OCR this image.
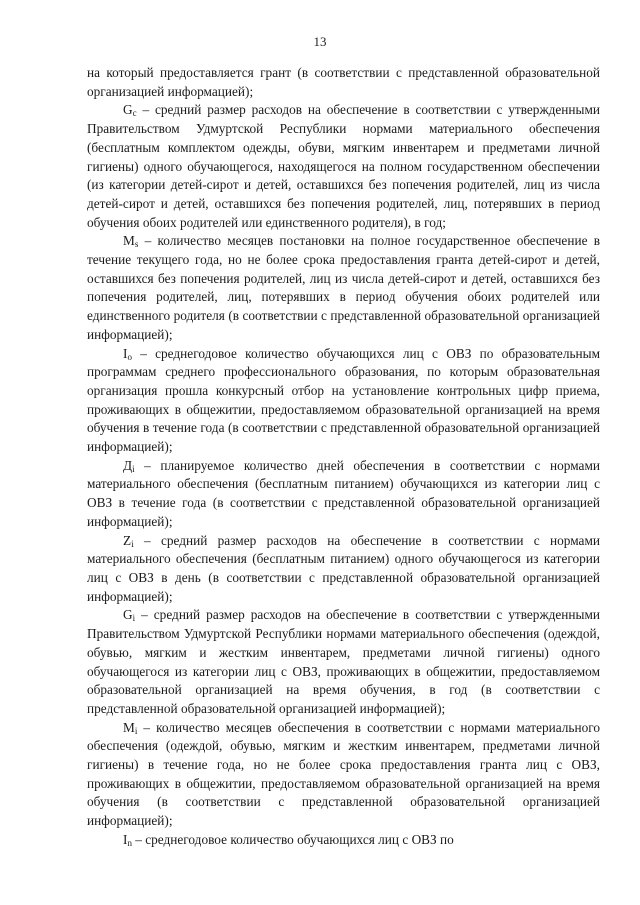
13

на который предоставляется грант (в соответствии с представленной образовательной организацией информацией);

$G_c$ – средний размер расходов на обеспечение в соответствии с утвержденными Правительством Удмуртской Республики нормами материального обеспечения (бесплатным комплектом одежды, обуви, мягким инвентарем и предметами личной гигиены) одного обучающегося, находящегося на полном государственном обеспечении (из категории детей-сирот и детей, оставшихся без попечения родителей, лиц из числа детей-сирот и детей, оставшихся без попечения родителей, лиц, потерявших в период обучения обоих родителей или единственного родителя), в год;

$M_s$ – количество месяцев постановки на полное государственное обеспечение в течение текущего года, но не более срока предоставления гранта детей-сирот и детей, оставшихся без попечения родителей, лиц из числа детей-сирот и детей, оставшихся без попечения родителей, лиц, потерявших в период обучения обоих родителей или единственного родителя (в соответствии с представленной образовательной организацией информацией);

$I_o$ – среднегодовое количество обучающихся лиц с ОВЗ по образовательным программам среднего профессионального образования, по которым образовательная организация прошла конкурсный отбор на установление контрольных цифр приема, проживающих в общежитии, предоставляемом образовательной организацией на время обучения в течение года (в соответствии с представленной образовательной организацией информацией);

$Д_i$ – планируемое количество дней обеспечения в соответствии с нормами материального обеспечения (бесплатным питанием) обучающихся из категории лиц с ОВЗ в течение года (в соответствии с представленной образовательной организацией информацией);

$Z_i$ – средний размер расходов на обеспечение в соответствии с нормами материального обеспечения (бесплатным питанием) одного обучающегося из категории лиц с ОВЗ в день (в соответствии с представленной образовательной организацией информацией);

$G_i$ – средний размер расходов на обеспечение в соответствии с утвержденными Правительством Удмуртской Республики нормами материального обеспечения (одеждой, обувью, мягким и жестким инвентарем, предметами личной гигиены) одного обучающегося из категории лиц с ОВЗ, проживающих в общежитии, предоставляемом образовательной организацией на время обучения, в год (в соответствии с представленной образовательной организацией информацией);

$M_i$ – количество месяцев обеспечения в соответствии с нормами материального обеспечения (одеждой, обувью, мягким и жестким инвентарем, предметами личной гигиены) в течение года, но не более срока предоставления гранта лиц с ОВЗ, проживающих в общежитии, предоставляемом образовательной организацией на время обучения (в соответствии с представленной образовательной организацией информацией);

$I_n$ – среднегодовое количество обучающихся лиц с ОВЗ по
